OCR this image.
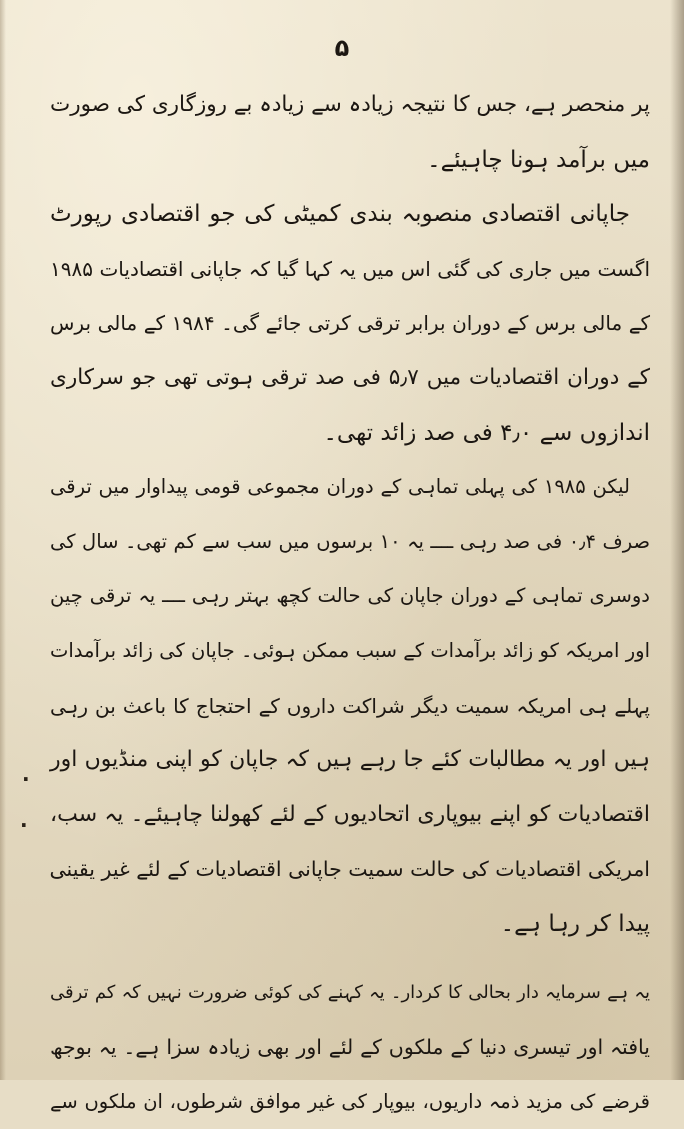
۵
پر منحصر ہے، جس کا نتیجہ زیادہ سے زیادہ بے روزگاری کی صورت
میں برآمد ہونا چاہیئے۔
جاپانی اقتصادی منصوبہ بندی کمیٹی کی جو اقتصادی رپورٹ
اگست میں جاری کی گئی اس میں یہ کہا گیا کہ جاپانی اقتصادیات ۱۹۸۵
کے مالی برس کے دوران برابر ترقی کرتی جائے گی۔ ۱۹۸۴ کے مالی برس
کے دوران اقتصادیات میں ۵٫۷ فی صد ترقی ہوتی تھی جو سرکاری
اندازوں سے ۴٫۰ فی صد زائد تھی۔
لیکن ۱۹۸۵ کی پہلی تماہی کے دوران مجموعی قومی پیداوار میں ترقی
صرف ۰٫۴ فی صد رہی ــــ یہ ۱۰ برسوں میں سب سے کم تھی۔ سال کی
دوسری تماہی کے دوران جاپان کی حالت کچھ بہتر رہی ــــ یہ ترقی چین
اور امریکہ کو زائد برآمدات کے سبب ممکن ہوئی۔ جاپان کی زائد برآمدات
پہلے ہی امریکہ سمیت دیگر شراکت داروں کے احتجاج کا باعث بن رہی
ہیں اور یہ مطالبات کئے جا رہے ہیں کہ جاپان کو اپنی منڈیوں اور
اقتصادیات کو اپنے بیوپاری اتحادیوں کے لئے کھولنا چاہیئے۔ یہ سب،
امریکی اقتصادیات کی حالت سمیت جاپانی اقتصادیات کے لئے غیر یقینی
پیدا کر رہا ہے۔
یہ ہے سرمایہ دار بحالی کا کردار۔ یہ کہنے کی کوئی ضرورت نہیں کہ کم ترقی
یافتہ اور تیسری دنیا کے ملکوں کے لئے اور بھی زیادہ سزا ہے۔ یہ بوجھ
قرضے کی مزید ذمہ داریوں، بیوپار کی غیر موافق شرطوں، ان ملکوں سے
.
.
